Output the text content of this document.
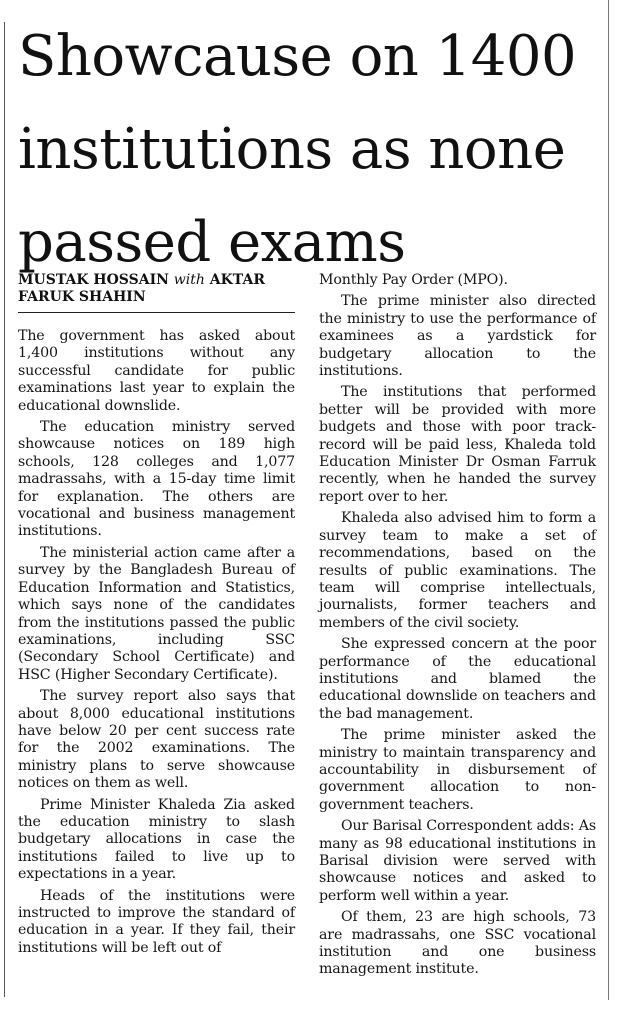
Showcause on 1400 institutions as none passed exams
MUSTAK HOSSAIN with AKTAR FARUK SHAHIN

The government has asked about 1,400 institutions without any successful candidate for public examinations last year to explain the educational downslide.

The education ministry served showcause notices on 189 high schools, 128 colleges and 1,077 madrassahs, with a 15-day time limit for explanation. The others are vocational and business management institutions.

The ministerial action came after a survey by the Bangladesh Bureau of Education Information and Statistics, which says none of the candidates from the institutions passed the public examinations, including SSC (Secondary School Certificate) and HSC (Higher Secondary Certificate).

The survey report also says that about 8,000 educational institutions have below 20 per cent success rate for the 2002 examinations. The ministry plans to serve showcause notices on them as well.

Prime Minister Khaleda Zia asked the education ministry to slash budgetary allocations in case the institutions failed to live up to expectations in a year.

Heads of the institutions were instructed to improve the standard of education in a year. If they fail, their institutions will be left out of

Monthly Pay Order (MPO).

The prime minister also directed the ministry to use the performance of examinees as a yardstick for budgetary allocation to the institutions.

The institutions that performed better will be provided with more budgets and those with poor track-record will be paid less, Khaleda told Education Minister Dr Osman Farruk recently, when he handed the survey report over to her.

Khaleda also advised him to form a survey team to make a set of recommendations, based on the results of public examinations. The team will comprise intellectuals, journalists, former teachers and members of the civil society.

She expressed concern at the poor performance of the educational institutions and blamed the educational downslide on teachers and the bad management.

The prime minister asked the ministry to maintain transparency and accountability in disbursement of government allocation to non-government teachers.

Our Barisal Correspondent adds: As many as 98 educational institutions in Barisal division were served with showcause notices and asked to perform well within a year.

Of them, 23 are high schools, 73 are madrassahs, one SSC vocational institution and one business management institute.
